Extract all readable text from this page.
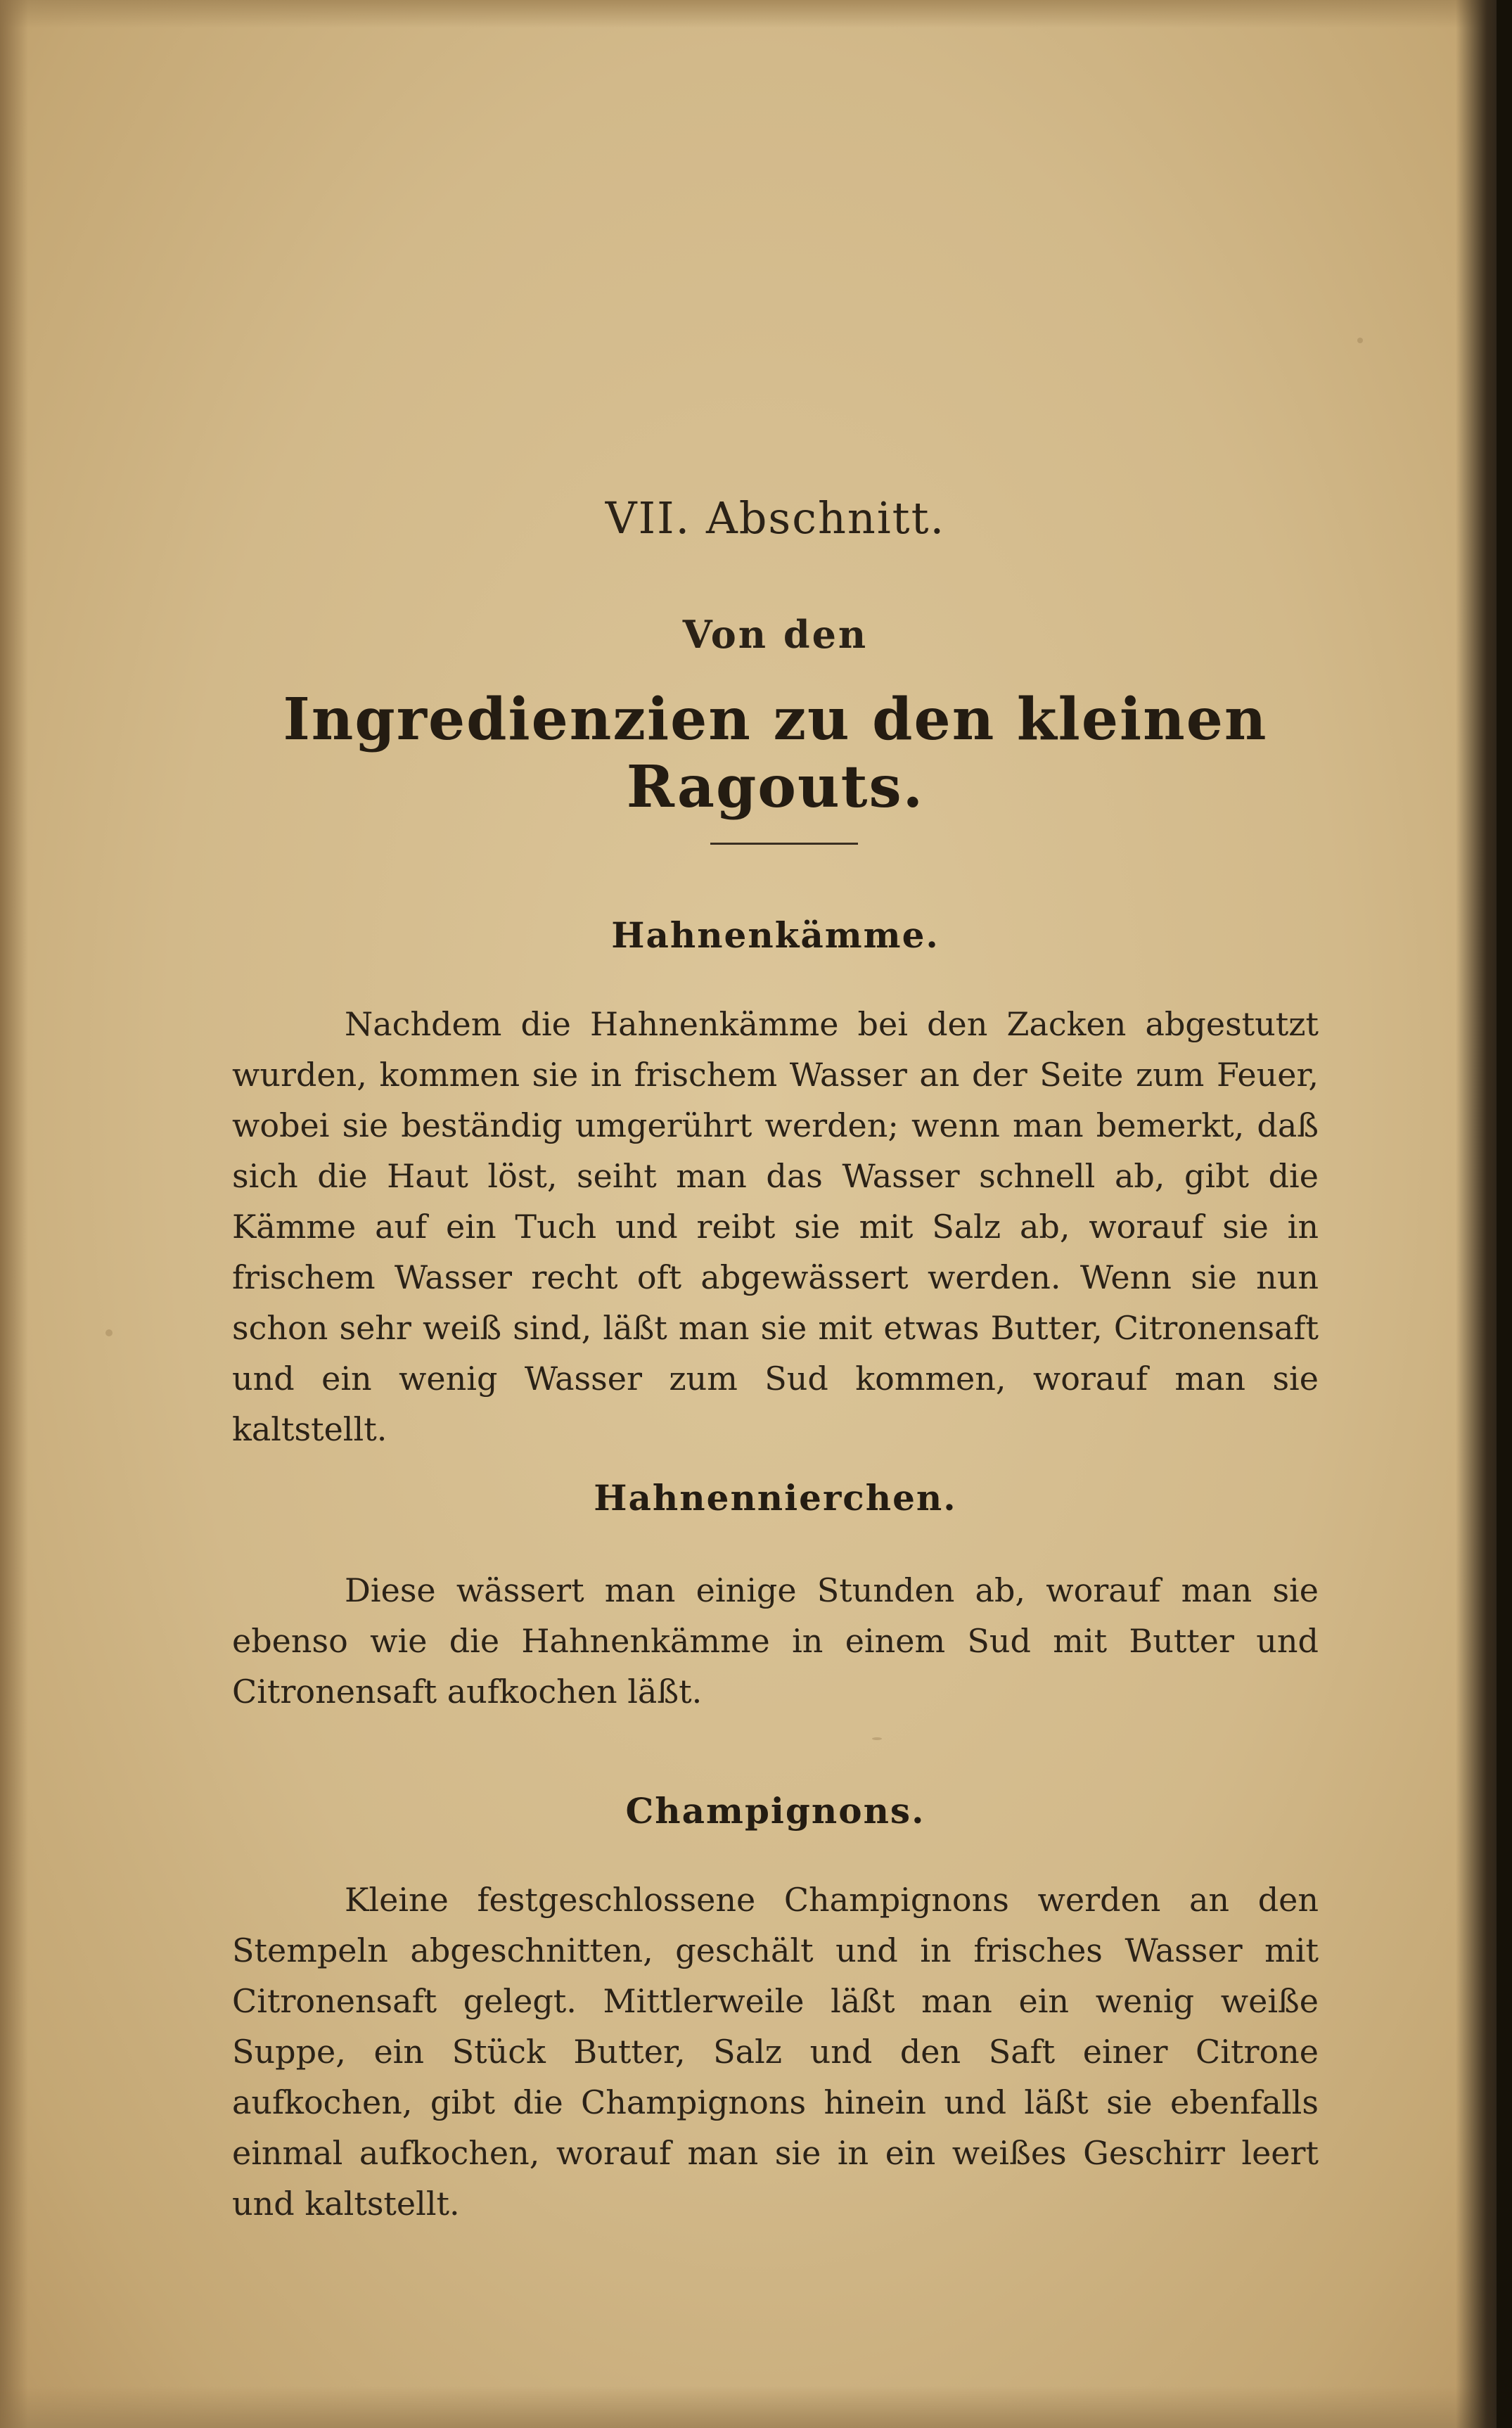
VII. Abschnitt.
Von den
Ingredienzien zu den kleinen Ragouts.
Hahnenkämme.
Nachdem die Hahnenkämme bei den Zacken abgestutzt wurden, kommen sie in frischem Wasser an der Seite zum Feuer, wobei sie beständig umgerührt werden; wenn man bemerkt, daß sich die Haut löst, seiht man das Wasser schnell ab, gibt die Kämme auf ein Tuch und reibt sie mit Salz ab, worauf sie in frischem Wasser recht oft abgewässert werden. Wenn sie nun schon sehr weiß sind, läßt man sie mit etwas Butter, Citronensaft und ein wenig Wasser zum Sud kommen, worauf man sie kaltstellt.
Hahnennierchen.
Diese wässert man einige Stunden ab, worauf man sie ebenso wie die Hahnenkämme in einem Sud mit Butter und Citronensaft aufkochen läßt.
Champignons.
Kleine festgeschlossene Champignons werden an den Stempeln abgeschnitten, geschält und in frisches Wasser mit Citronensaft gelegt. Mittlerweile läßt man ein wenig weiße Suppe, ein Stück Butter, Salz und den Saft einer Citrone aufkochen, gibt die Champignons hinein und läßt sie ebenfalls einmal aufkochen, worauf man sie in ein weißes Geschirr leert und kaltstellt.
